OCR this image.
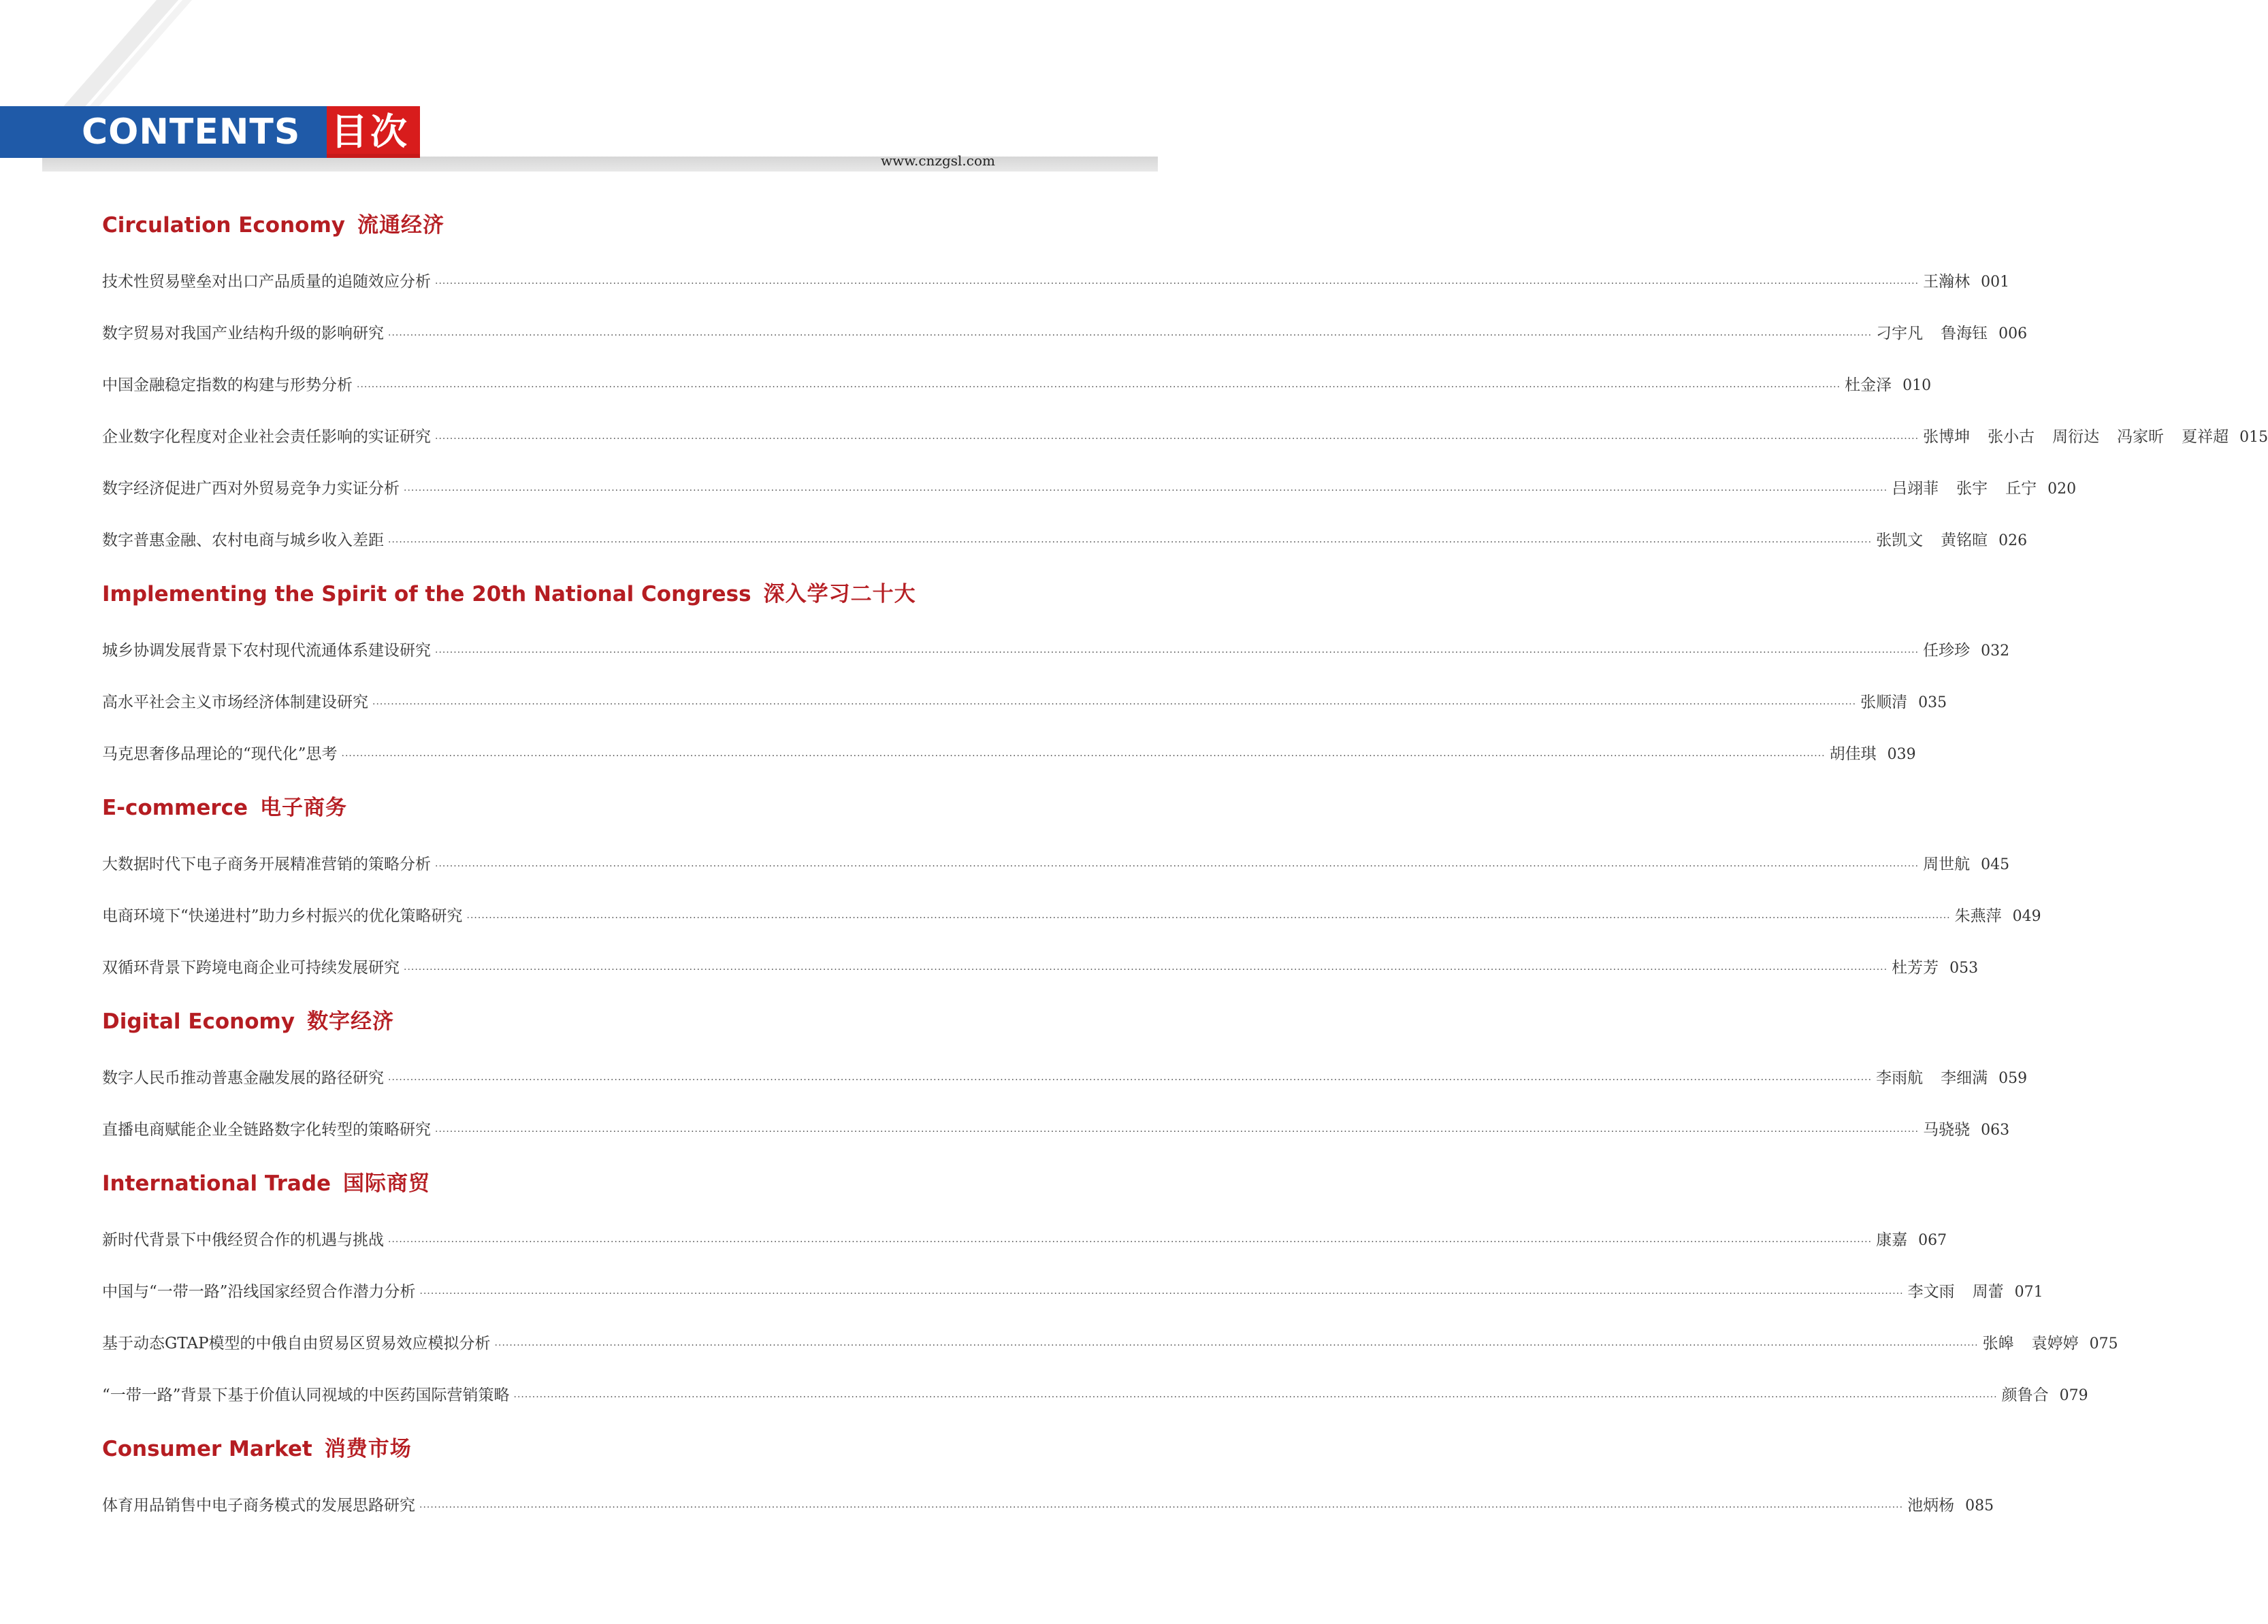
CONTENTS 目次
www.cnzgsl.com
Circulation Economy 流通经济
技术性贸易壁垒对出口产品质量的追随效应分析 ················································································································································································································································································································································································································ 王瀚林 001
数字贸易对我国产业结构升级的影响研究 ················································································································································································································································································································································································································ 刁宇凡 鲁海钰 006
中国金融稳定指数的构建与形势分析 ················································································································································································································································································································································································································ 杜金泽 010
企业数字化程度对企业社会责任影响的实证研究 ················································································································································································································································································································································································································ 张博坤 张小古 周衍达 冯家昕 夏祥超 015
数字经济促进广西对外贸易竞争力实证分析 ················································································································································································································································································································································································································ 吕翊菲 张宇 丘宁 020
数字普惠金融、农村电商与城乡收入差距 ················································································································································································································································································································································································································ 张凯文 黄铭暄 026
Implementing the Spirit of the 20th National Congress 深入学习二十大
城乡协调发展背景下农村现代流通体系建设研究 ················································································································································································································································································································································································································ 任珍珍 032
高水平社会主义市场经济体制建设研究 ················································································································································································································································································································································································································ 张顺清 035
马克思奢侈品理论的“现代化”思考 ················································································································································································································································································································································································································ 胡佳琪 039
E-commerce 电子商务
大数据时代下电子商务开展精准营销的策略分析 ················································································································································································································································································································································································································ 周世航 045
电商环境下“快递进村”助力乡村振兴的优化策略研究 ················································································································································································································································································································································································································ 朱燕萍 049
双循环背景下跨境电商企业可持续发展研究 ················································································································································································································································································································································································································ 杜芳芳 053
Digital Economy 数字经济
数字人民币推动普惠金融发展的路径研究 ················································································································································································································································································································································································································ 李雨航 李细满 059
直播电商赋能企业全链路数字化转型的策略研究 ················································································································································································································································································································································································································ 马骁骁 063
International Trade 国际商贸
新时代背景下中俄经贸合作的机遇与挑战 ················································································································································································································································································································································································································ 康嘉 067
中国与“一带一路”沿线国家经贸合作潜力分析 ················································································································································································································································································································································································································ 李文雨 周蕾 071
基于动态GTAP模型的中俄自由贸易区贸易效应模拟分析 ················································································································································································································································································································································································································ 张皞 袁婷婷 075
“一带一路”背景下基于价值认同视域的中医药国际营销策略 ················································································································································································································································································································································································································ 颜鲁合 079
Consumer Market 消费市场
体育用品销售中电子商务模式的发展思路研究 ················································································································································································································································································································································································································ 池炳杨 085
